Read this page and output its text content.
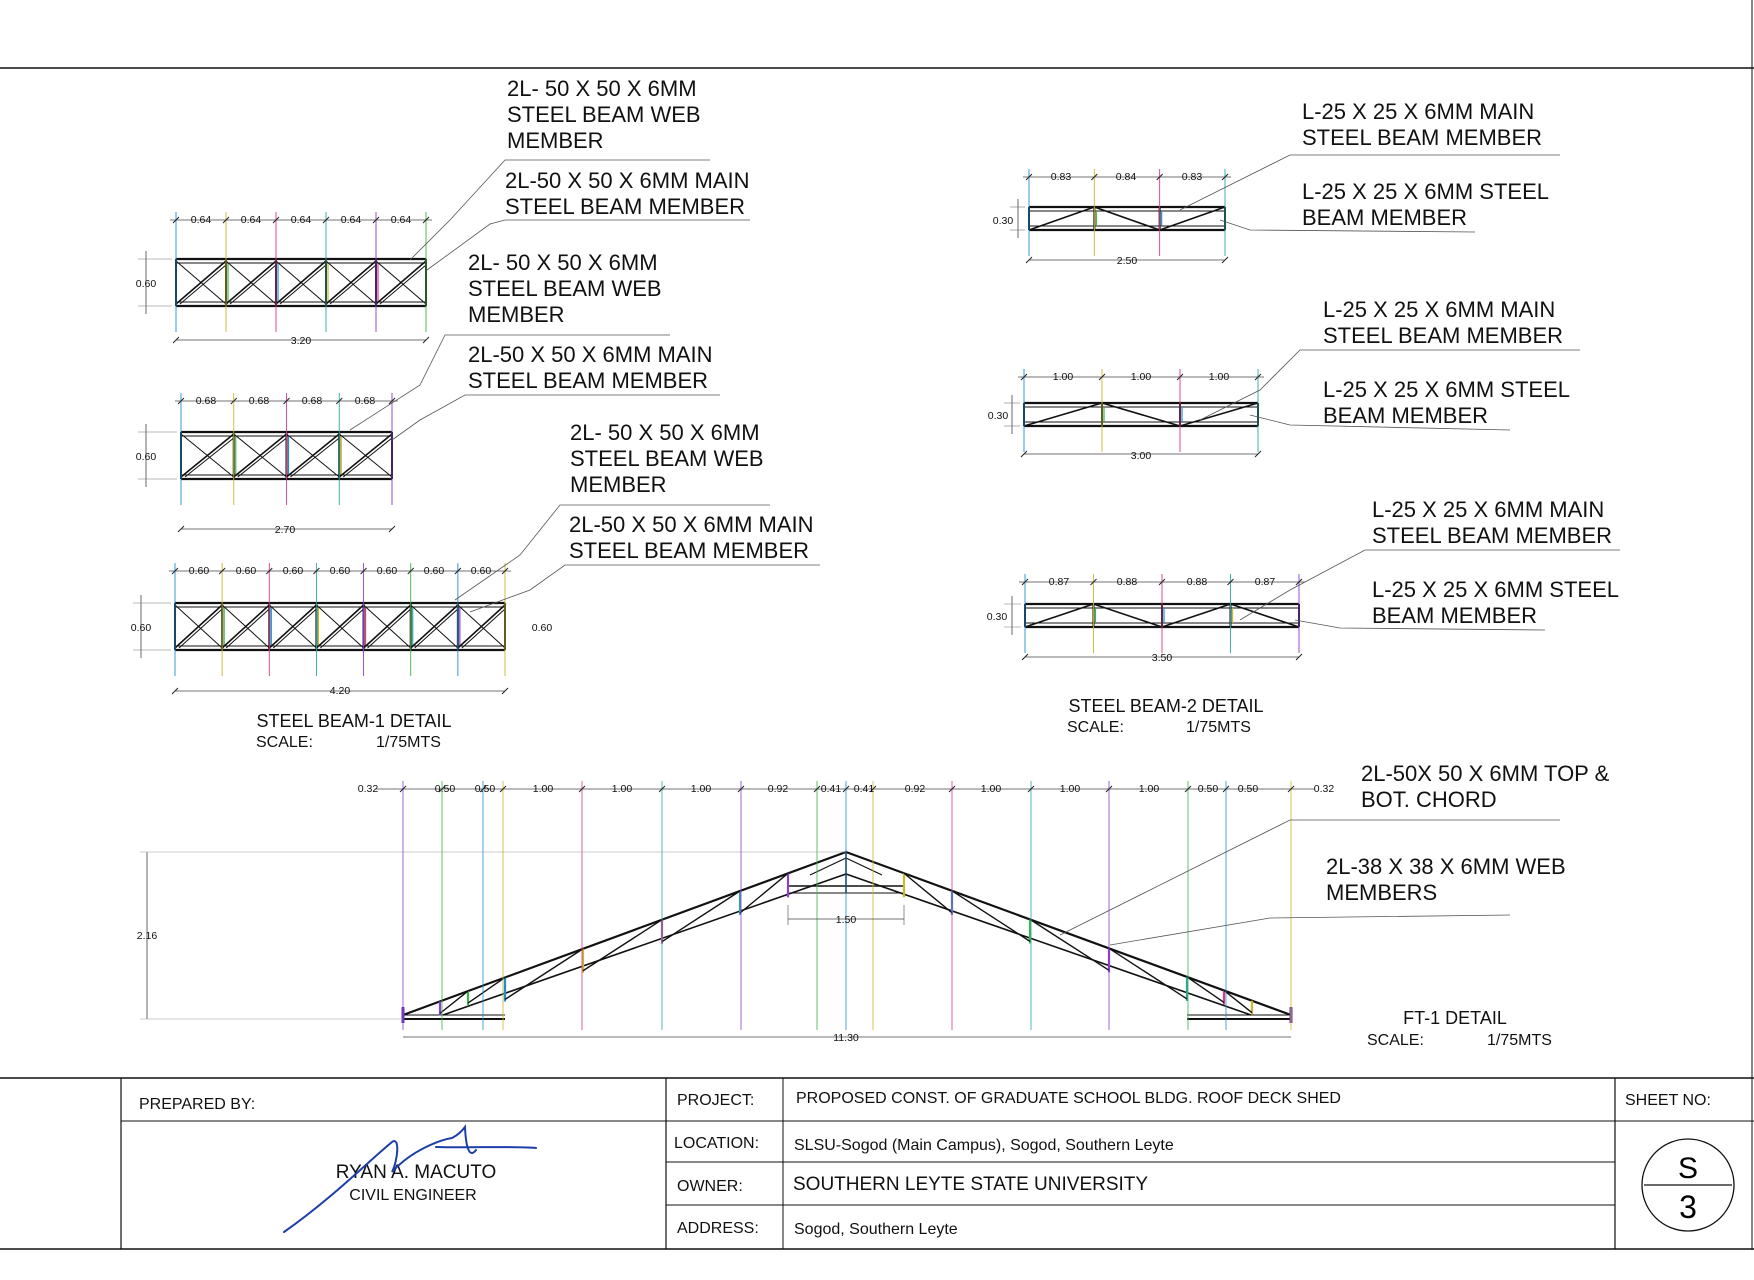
0.64	0.64	0.64	0.64	0.64
0.60
3.20
2L- 50 X 50 X 6MM
STEEL BEAM WEB
MEMBER
2L-50 X 50 X 6MM MAIN
STEEL BEAM MEMBER
0.68	0.68	0.68	0.68
0.60
2.70
2L- 50 X 50 X 6MM
STEEL BEAM WEB
MEMBER
2L-50 X 50 X 6MM MAIN
STEEL BEAM MEMBER
0.60	0.60	0.60	0.60	0.60	0.60	0.60
0.60	0.60
4.20
2L- 50 X 50 X 6MM
STEEL BEAM WEB
MEMBER
2L-50 X 50 X 6MM MAIN
STEEL BEAM MEMBER
STEEL BEAM-1 DETAIL
SCALE:	1/75MTS
0.83	0.84	0.83
0.30
2.50
L-25 X 25 X 6MM MAIN
STEEL BEAM MEMBER
L-25 X 25 X 6MM STEEL
BEAM MEMBER
1.00	1.00	1.00
0.30
3.00
L-25 X 25 X 6MM MAIN
STEEL BEAM MEMBER
L-25 X 25 X 6MM STEEL
BEAM MEMBER
0.87	0.88	0.88	0.87
0.30
3.50
L-25 X 25 X 6MM MAIN
STEEL BEAM MEMBER
L-25 X 25 X 6MM STEEL
BEAM MEMBER
STEEL BEAM-2 DETAIL
SCALE:	1/75MTS
0.32	0.50 0.50	1.00	1.00	1.00	0.92	0.41 0.41	0.92	1.00	1.00	1.00	0.50 0.50	0.32
2.16
1.50
11.30
2L-50X 50 X 6MM TOP &
BOT. CHORD
2L-38 X 38 X 6MM WEB
MEMBERS
FT-1 DETAIL
SCALE:	1/75MTS
PREPARED BY:
RYAN A. MACUTO
CIVIL ENGINEER
PROJECT:	PROPOSED CONST. OF GRADUATE SCHOOL BLDG. ROOF DECK SHED
LOCATION: SLSU-Sogod (Main Campus), Sogod, Southern Leyte
OWNER:	SOUTHERN LEYTE STATE UNIVERSITY
ADDRESS: Sogod, Southern Leyte
SHEET NO:
S
3
